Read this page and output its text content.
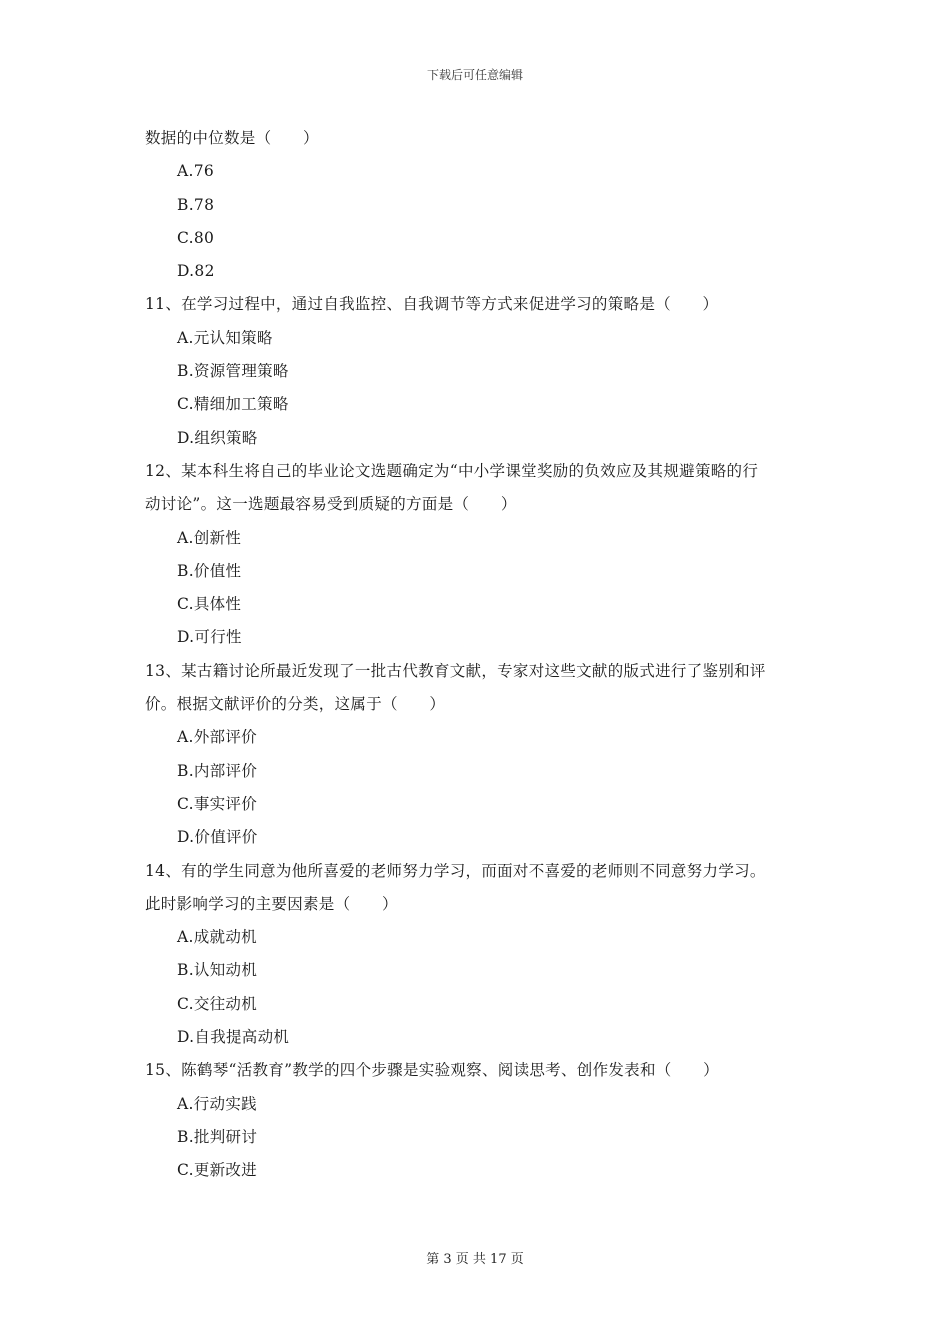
下载后可任意编辑
数据的中位数是（　　）
A.76
B.78
C.80
D.82
11、在学习过程中，通过自我监控、自我调节等方式来促进学习的策略是（　　）
A.元认知策略
B.资源管理策略
C.精细加工策略
D.组织策略
12、某本科生将自己的毕业论文选题确定为“中小学课堂奖励的负效应及其规避策略的行
动讨论”。这一选题最容易受到质疑的方面是（　　）
A.创新性
B.价值性
C.具体性
D.可行性
13、某古籍讨论所最近发现了一批古代教育文献，专家对这些文献的版式进行了鉴别和评
价。根据文献评价的分类，这属于（　　）
A.外部评价
B.内部评价
C.事实评价
D.价值评价
14、有的学生同意为他所喜爱的老师努力学习，而面对不喜爱的老师则不同意努力学习。
此时影响学习的主要因素是（　　）
A.成就动机
B.认知动机
C.交往动机
D.自我提高动机
15、陈鹤琴“活教育”教学的四个步骤是实验观察、阅读思考、创作发表和（　　）
A.行动实践
B.批判研讨
C.更新改进
第 3 页 共 17 页
